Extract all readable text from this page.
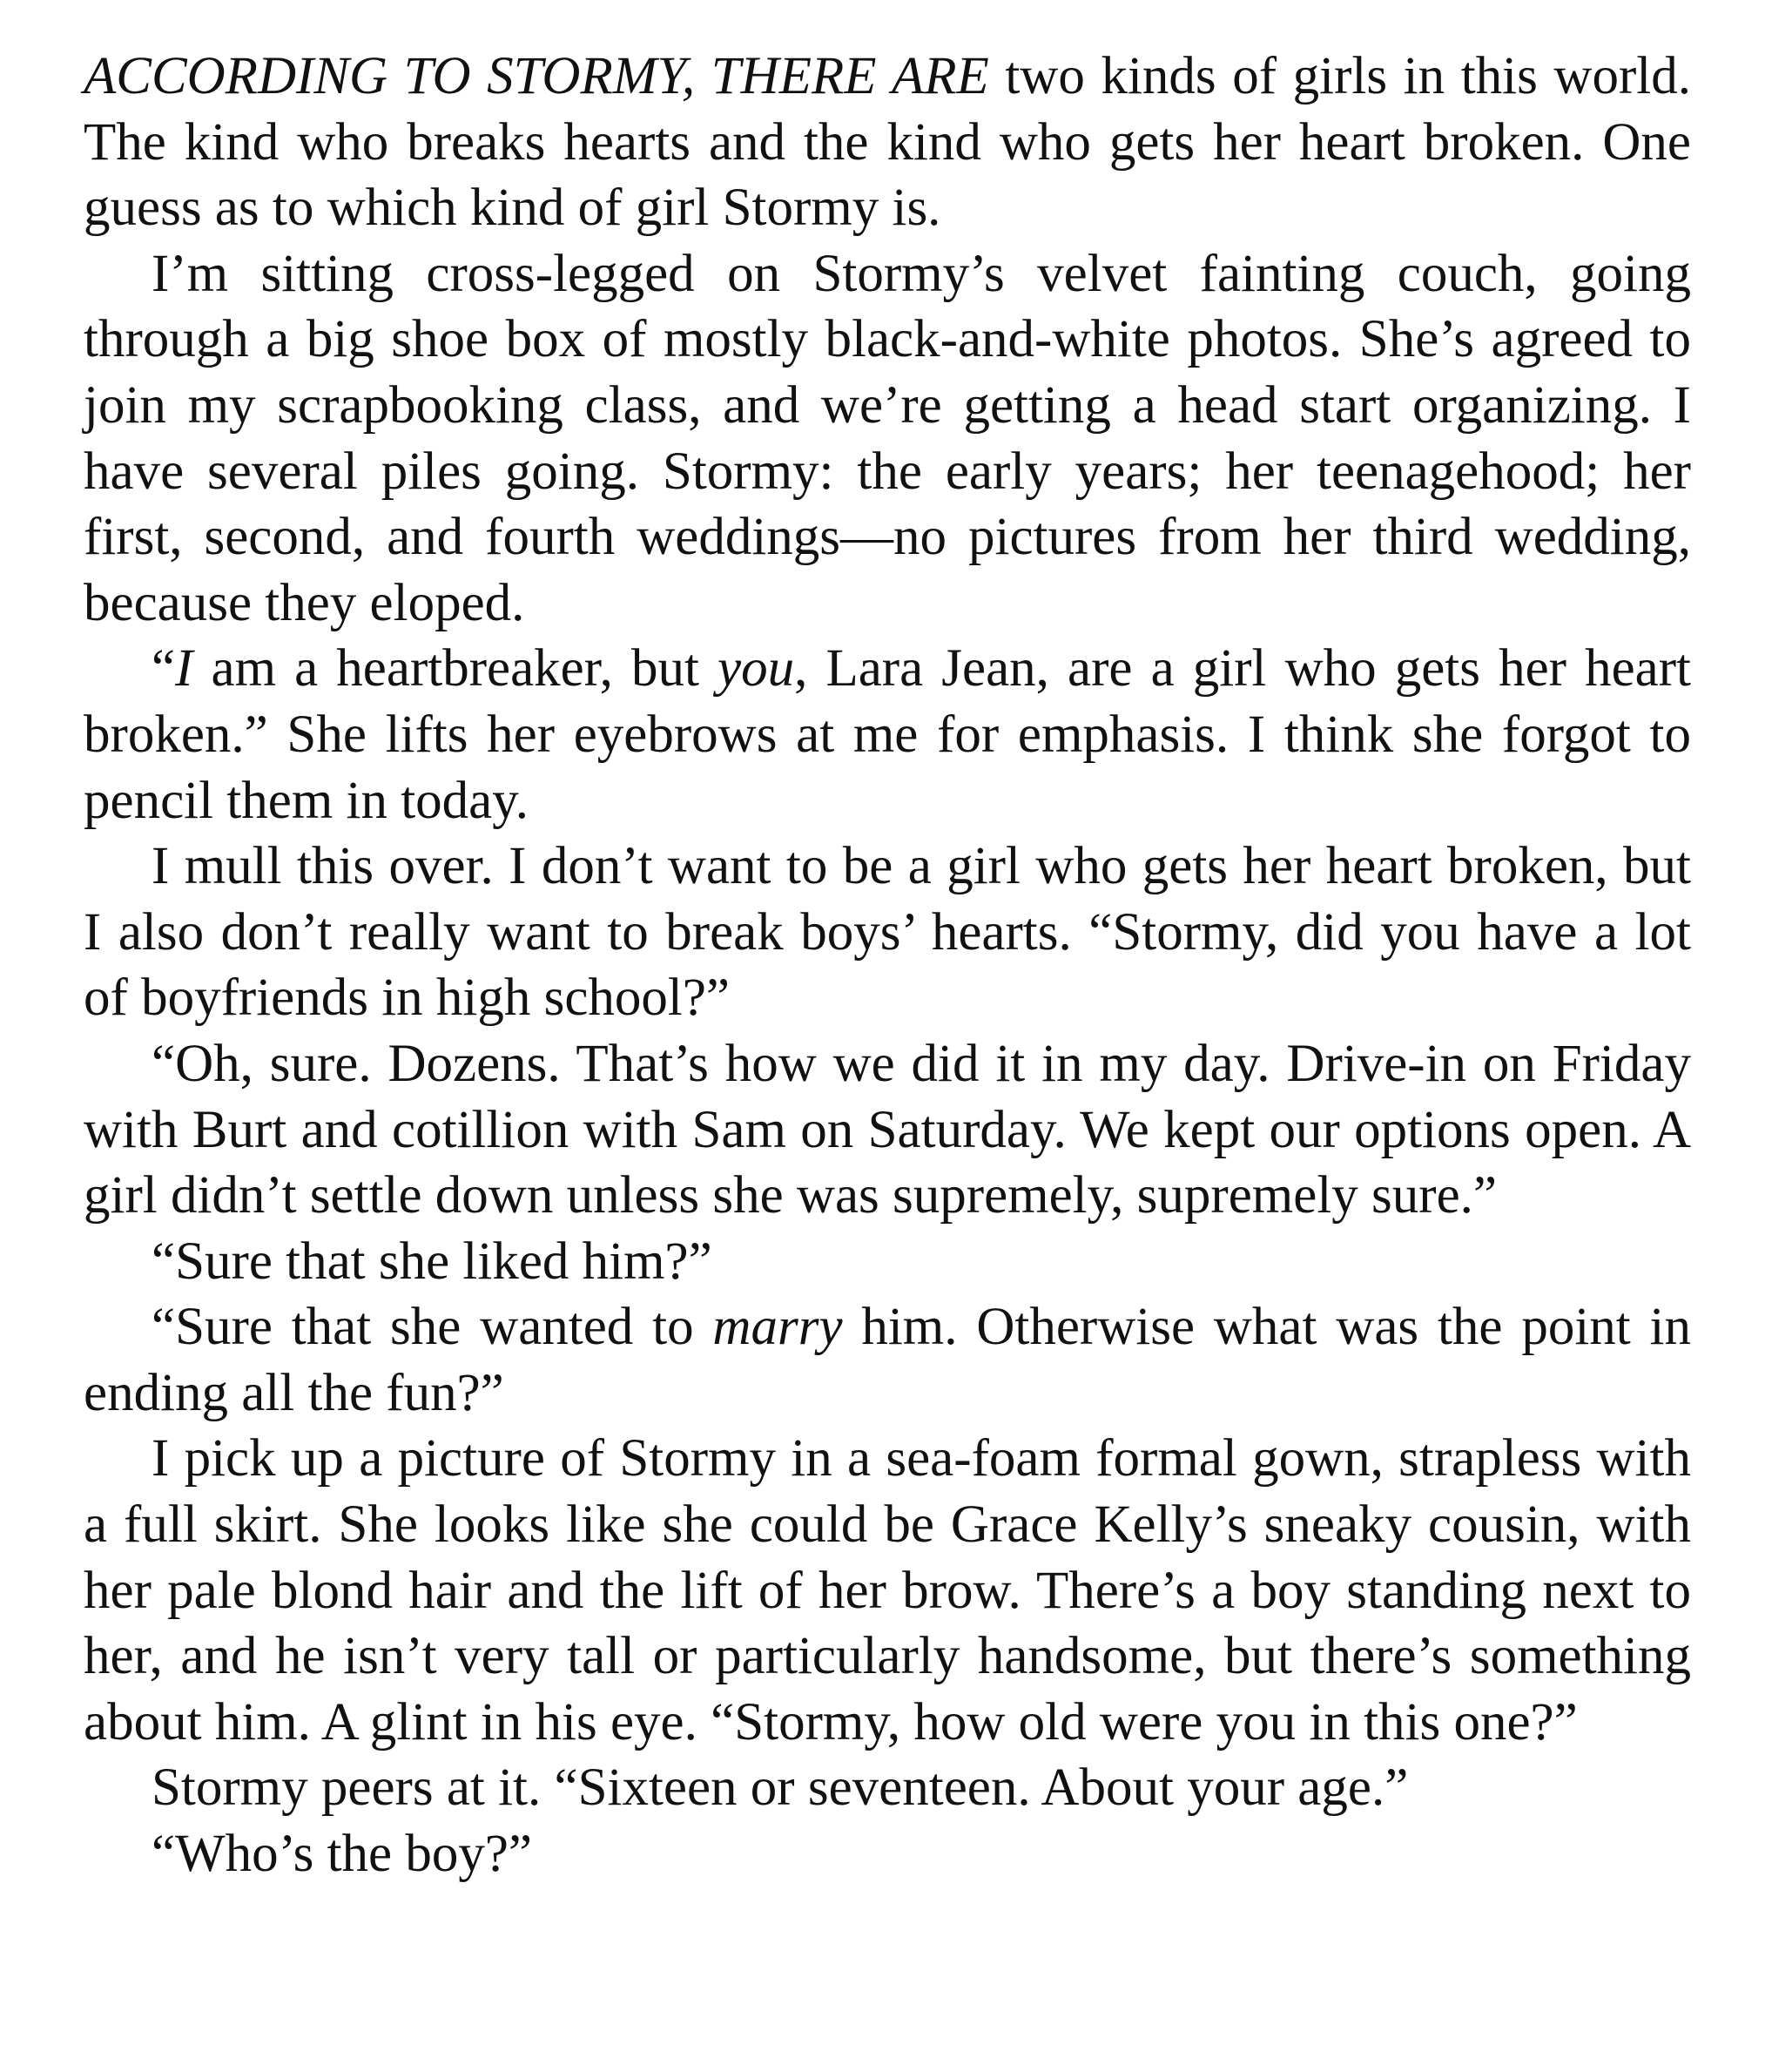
ACCORDING TO STORMY, THERE ARE two kinds of girls in this world. The kind who breaks hearts and the kind who gets her heart broken. One guess as to which kind of girl Stormy is.

I’m sitting cross-legged on Stormy’s velvet fainting couch, going through a big shoe box of mostly black-and-white photos. She’s agreed to join my scrapbooking class, and we’re getting a head start organizing. I have several piles going. Stormy: the early years; her teenagehood; her first, second, and fourth weddings—no pictures from her third wedding, because they eloped.

“I am a heartbreaker, but you, Lara Jean, are a girl who gets her heart broken.” She lifts her eyebrows at me for emphasis. I think she forgot to pencil them in today.

I mull this over. I don’t want to be a girl who gets her heart broken, but I also don’t really want to break boys’ hearts. “Stormy, did you have a lot of boyfriends in high school?”

“Oh, sure. Dozens. That’s how we did it in my day. Drive-in on Friday with Burt and cotillion with Sam on Saturday. We kept our options open. A girl didn’t settle down unless she was supremely, supremely sure.”

“Sure that she liked him?”

“Sure that she wanted to marry him. Otherwise what was the point in ending all the fun?”

I pick up a picture of Stormy in a sea-foam formal gown, strapless with a full skirt. She looks like she could be Grace Kelly’s sneaky cousin, with her pale blond hair and the lift of her brow. There’s a boy standing next to her, and he isn’t very tall or particularly handsome, but there’s something about him. A glint in his eye. “Stormy, how old were you in this one?”

Stormy peers at it. “Sixteen or seventeen. About your age.”

“Who’s the boy?”
